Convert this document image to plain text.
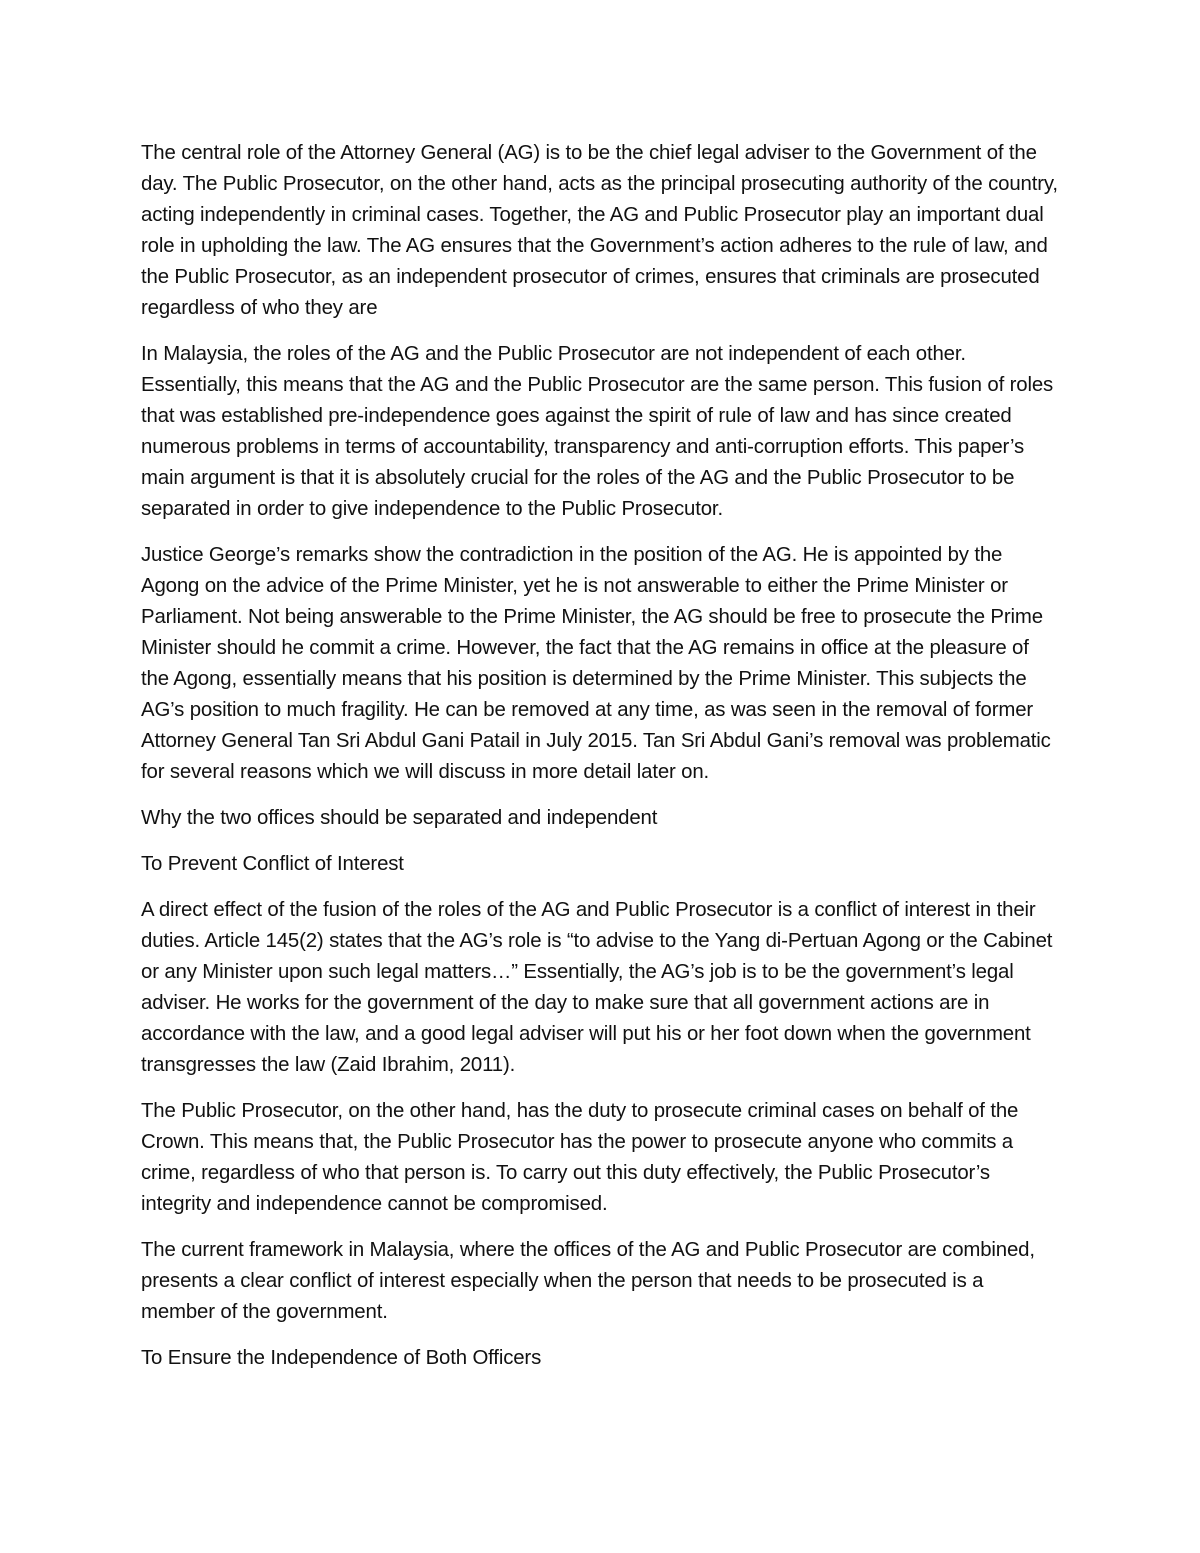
The central role of the Attorney General (AG) is to be the chief legal adviser to the Government of the day. The Public Prosecutor, on the other hand, acts as the principal prosecuting authority of the country, acting independently in criminal cases. Together, the AG and Public Prosecutor play an important dual role in upholding the law. The AG ensures that the Government’s action adheres to the rule of law, and the Public Prosecutor, as an independent prosecutor of crimes, ensures that criminals are prosecuted regardless of who they are

In Malaysia, the roles of the AG and the Public Prosecutor are not independent of each other. Essentially, this means that the AG and the Public Prosecutor are the same person. This fusion of roles that was established pre-independence goes against the spirit of rule of law and has since created numerous problems in terms of accountability, transparency and anti-corruption efforts. This paper’s main argument is that it is absolutely crucial for the roles of the AG and the Public Prosecutor to be separated in order to give independence to the Public Prosecutor.

Justice George’s remarks show the contradiction in the position of the AG. He is appointed by the Agong on the advice of the Prime Minister, yet he is not answerable to either the Prime Minister or Parliament. Not being answerable to the Prime Minister, the AG should be free to prosecute the Prime Minister should he commit a crime. However, the fact that the AG remains in office at the pleasure of the Agong, essentially means that his position is determined by the Prime Minister. This subjects the AG’s position to much fragility. He can be removed at any time, as was seen in the removal of former Attorney General Tan Sri Abdul Gani Patail in July 2015. Tan Sri Abdul Gani’s removal was problematic for several reasons which we will discuss in more detail later on.

Why the two offices should be separated and independent

To Prevent Conflict of Interest

A direct effect of the fusion of the roles of the AG and Public Prosecutor is a conflict of interest in their duties. Article 145(2) states that the AG’s role is “to advise to the Yang di-Pertuan Agong or the Cabinet or any Minister upon such legal matters…” Essentially, the AG’s job is to be the government’s legal adviser. He works for the government of the day to make sure that all government actions are in accordance with the law, and a good legal adviser will put his or her foot down when the government transgresses the law (Zaid Ibrahim, 2011).

The Public Prosecutor, on the other hand, has the duty to prosecute criminal cases on behalf of the Crown. This means that, the Public Prosecutor has the power to prosecute anyone who commits a crime, regardless of who that person is. To carry out this duty effectively, the Public Prosecutor’s integrity and independence cannot be compromised.

The current framework in Malaysia, where the offices of the AG and Public Prosecutor are combined, presents a clear conflict of interest especially when the person that needs to be prosecuted is a member of the government.

To Ensure the Independence of Both Officers
